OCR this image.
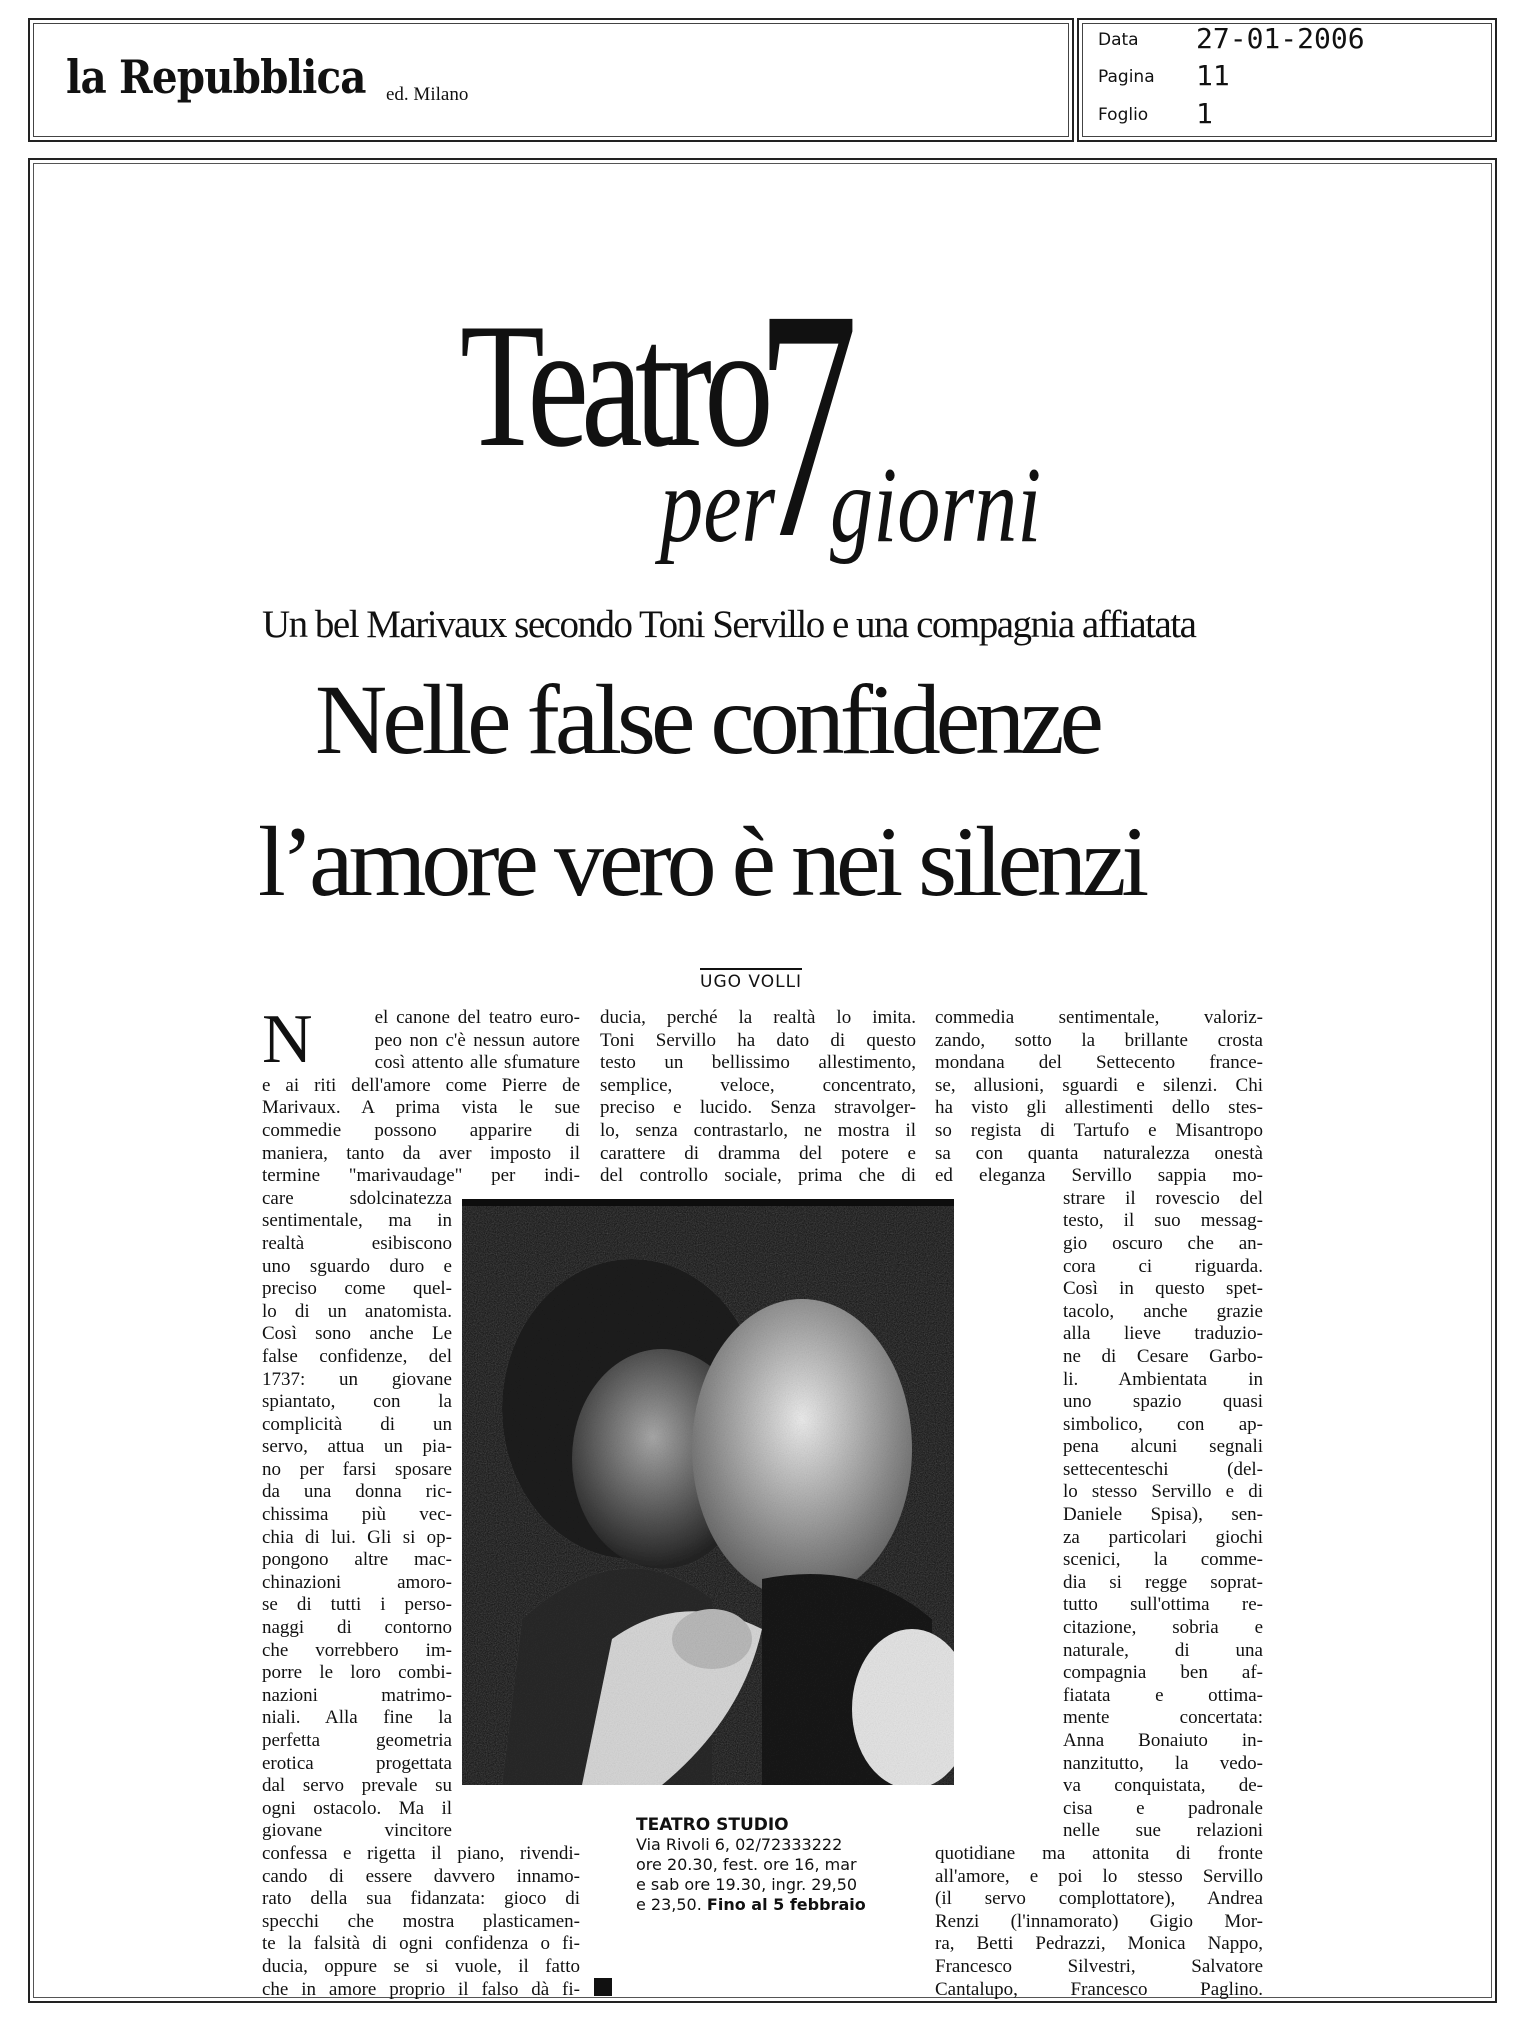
la Repubblica ed. Milano
Data 27-01-2006
Pagina 11
Foglio 1
7
Teatro
per giorni
Un bel Marivaux secondo Toni Servillo e una compagnia affiatata
Nelle false confidenze
l’amore vero è nei silenzi
UGO VOLLI
N	el canone del teatro euro-
peo non c'è nessun autore
così attento alle sfumature
e ai riti dell'amore come Pierre de
Marivaux. A prima vista le sue
commedie possono apparire di
maniera, tanto da aver imposto il
termine "marivaudage" per indi-
care sdolcinatezza
sentimentale, ma in
realtà esibiscono
uno sguardo duro e
preciso come quel-
lo di un anatomista.
Così sono anche Le
false confidenze, del
1737: un giovane
spiantato, con la
complicità di un
servo, attua un pia-
no per farsi sposare
da una donna ric-
chissima più vec-
chia di lui. Gli si op-
pongono altre mac-
chinazioni amoro-
se di tutti i perso-
naggi di contorno
che vorrebbero im-
porre le loro combi-
nazioni matrimo-
niali. Alla fine la
perfetta geometria
erotica progettata
dal servo prevale su
ogni ostacolo. Ma il
giovane vincitore
confessa e rigetta il piano, rivendi-
cando di essere davvero innamo-
rato della sua fidanzata: gioco di
specchi che mostra plasticamen-
te la falsità di ogni confidenza o fi-
ducia, oppure se si vuole, il fatto
che in amore proprio il falso dà fi-
ducia, perché la realtà lo imita.
Toni Servillo ha dato di questo
testo un bellissimo allestimento,
semplice, veloce, concentrato,
preciso e lucido. Senza stravolger-
lo, senza contrastarlo, ne mostra il
carattere di dramma del potere e
del controllo sociale, prima che di
commedia sentimentale, valoriz-
zando, sotto la brillante crosta
mondana del Settecento france-
se, allusioni, sguardi e silenzi. Chi
ha visto gli allestimenti dello stes-
so regista di Tartufo e Misantropo
sa con quanta naturalezza onestà
ed eleganza Servillo sappia mo-
strare il rovescio del
testo, il suo messag-
gio oscuro che an-
cora ci riguarda.
Così in questo spet-
tacolo, anche grazie
alla lieve traduzio-
ne di Cesare Garbo-
li. Ambientata in
uno spazio quasi
simbolico, con ap-
pena alcuni segnali
settecenteschi (del-
lo stesso Servillo e di
Daniele Spisa), sen-
za particolari giochi
scenici, la comme-
dia si regge soprat-
tutto sull'ottima re-
citazione, sobria e
naturale, di una
compagnia ben af-
fiatata e ottima-
mente concertata:
Anna Bonaiuto in-
nanzitutto, la vedo-
va conquistata, de-
cisa e padronale
nelle sue relazioni
quotidiane ma attonita di fronte
all'amore, e poi lo stesso Servillo
(il servo complottatore), Andrea
Renzi (l'innamorato) Gigio Mor-
ra, Betti Pedrazzi, Monica Nappo,
Francesco Silvestri, Salvatore
Cantalupo, Francesco Paglino.
TEATRO STUDIO
Via Rivoli 6, 02/72333222
ore 20.30, fest. ore 16, mar
e sab ore 19.30, ingr. 29,50
e 23,50. Fino al 5 febbraio
